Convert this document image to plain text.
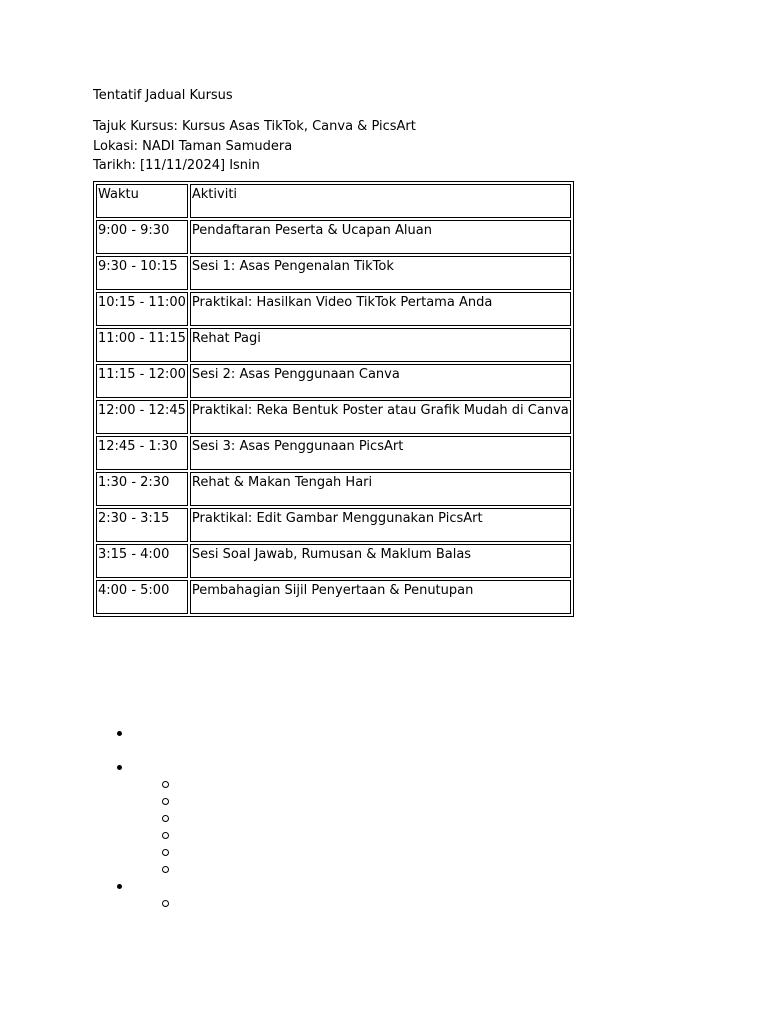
Tentatif Jadual Kursus
Tajuk Kursus: Kursus Asas TikTok, Canva & PicsArt
Lokasi: NADI Taman Samudera
Tarikh: [11/11/2024] Isnin
Waktu	Aktiviti
9:00 - 9:30	Pendaftaran Peserta & Ucapan Aluan
9:30 - 10:15	Sesi 1: Asas Pengenalan TikTok
10:15 - 11:00	Praktikal: Hasilkan Video TikTok Pertama Anda
11:00 - 11:15	Rehat Pagi
11:15 - 12:00	Sesi 2: Asas Penggunaan Canva
12:00 - 12:45	Praktikal: Reka Bentuk Poster atau Grafik Mudah di Canva
12:45 - 1:30	Sesi 3: Asas Penggunaan PicsArt
1:30 - 2:30	Rehat & Makan Tengah Hari
2:30 - 3:15	Praktikal: Edit Gambar Menggunakan PicsArt
3:15 - 4:00	Sesi Soal Jawab, Rumusan & Maklum Balas
4:00 - 5:00	Pembahagian Sijil Penyertaan & Penutupan
